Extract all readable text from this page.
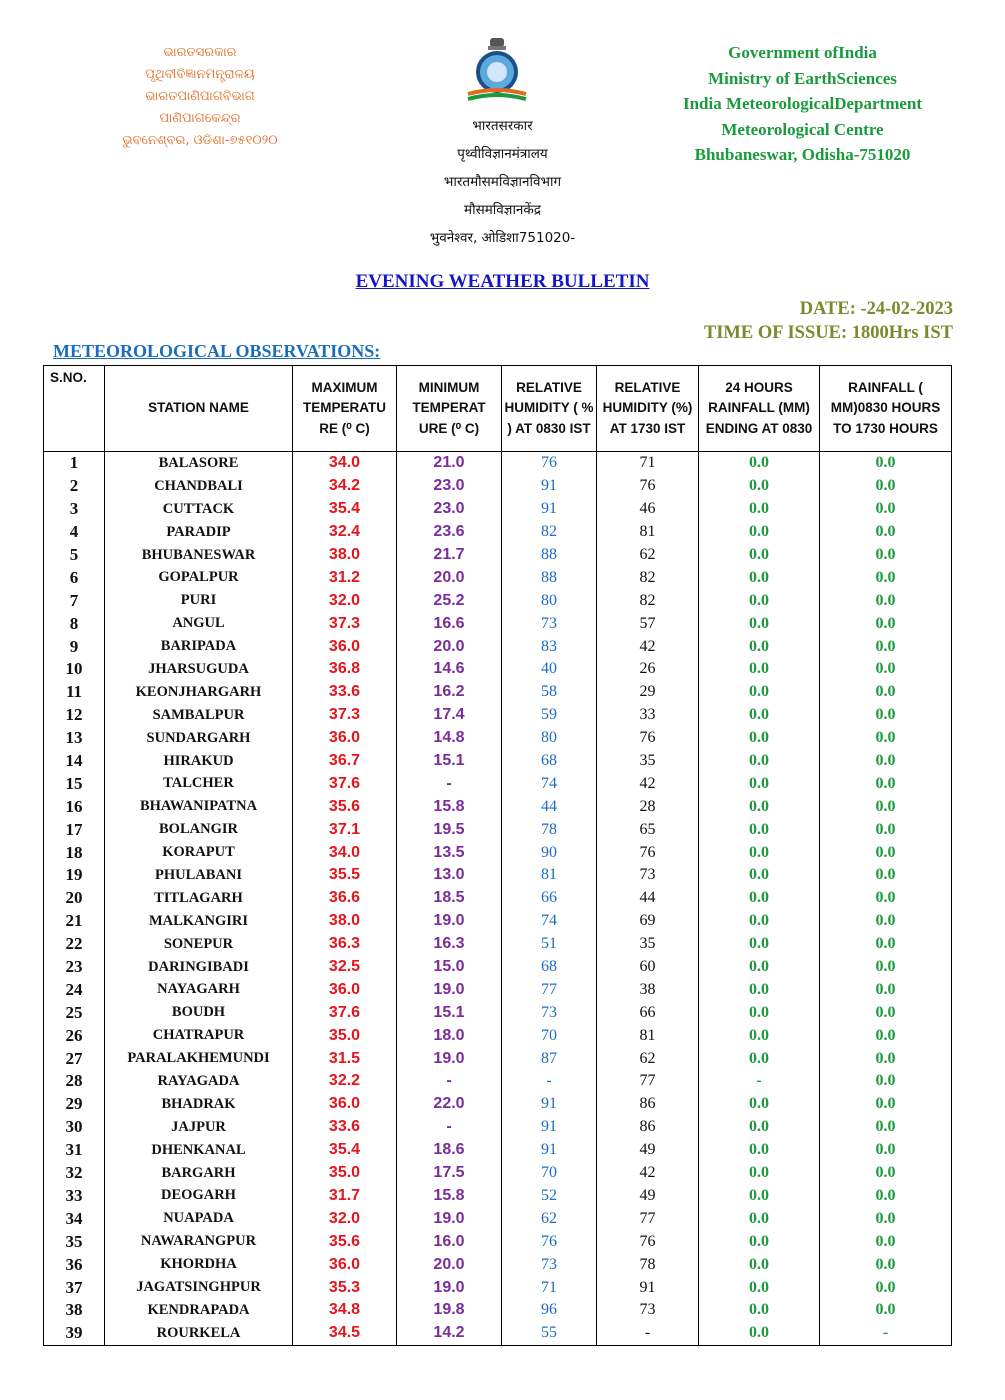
ଭାରତସରକାର
ପୃଥିବୀବିଜ୍ଞାନମନ୍ତ୍ରାଳୟ
ଭାରତପାଣିପାଗବିଭାଗ
ପାଣିପାଗକେନ୍ଦ୍ର
ଭୁବନେଶ୍ବର, ଓଡିଶା-୭୫୧୦୨୦
भारतसरकार
पृथ्वीविज्ञानमंत्रालय
भारतमौसमविज्ञानविभाग
मौसमविज्ञानकेंद्र
भुवनेश्वर, ओडिशा751020-
Government ofIndia
Ministry of EarthSciences
India MeteorologicalDepartment
Meteorological Centre
Bhubaneswar, Odisha-751020
EVENING WEATHER BULLETIN
DATE: -24-02-2023
TIME OF ISSUE: 1800Hrs IST
METEOROLOGICAL OBSERVATIONS:
S.NO.	STATION NAME	MAXIMUM TEMPERATU RE (⁰ C)	MINIMUM TEMPERAT URE (⁰ C)	RELATIVE HUMIDITY ( % ) AT 0830 IST	RELATIVE HUMIDITY (%) AT 1730 IST	24 HOURS RAINFALL (MM) ENDING AT 0830	RAINFALL ( MM)0830 HOURS TO 1730 HOURS
1	BALASORE	34.0	21.0	76	71	0.0	0.0
2	CHANDBALI	34.2	23.0	91	76	0.0	0.0
3	CUTTACK	35.4	23.0	91	46	0.0	0.0
4	PARADIP	32.4	23.6	82	81	0.0	0.0
5	BHUBANESWAR	38.0	21.7	88	62	0.0	0.0
6	GOPALPUR	31.2	20.0	88	82	0.0	0.0
7	PURI	32.0	25.2	80	82	0.0	0.0
8	ANGUL	37.3	16.6	73	57	0.0	0.0
9	BARIPADA	36.0	20.0	83	42	0.0	0.0
10	JHARSUGUDA	36.8	14.6	40	26	0.0	0.0
11	KEONJHARGARH	33.6	16.2	58	29	0.0	0.0
12	SAMBALPUR	37.3	17.4	59	33	0.0	0.0
13	SUNDARGARH	36.0	14.8	80	76	0.0	0.0
14	HIRAKUD	36.7	15.1	68	35	0.0	0.0
15	TALCHER	37.6	-	74	42	0.0	0.0
16	BHAWANIPATNA	35.6	15.8	44	28	0.0	0.0
17	BOLANGIR	37.1	19.5	78	65	0.0	0.0
18	KORAPUT	34.0	13.5	90	76	0.0	0.0
19	PHULABANI	35.5	13.0	81	73	0.0	0.0
20	TITLAGARH	36.6	18.5	66	44	0.0	0.0
21	MALKANGIRI	38.0	19.0	74	69	0.0	0.0
22	SONEPUR	36.3	16.3	51	35	0.0	0.0
23	DARINGIBADI	32.5	15.0	68	60	0.0	0.0
24	NAYAGARH	36.0	19.0	77	38	0.0	0.0
25	BOUDH	37.6	15.1	73	66	0.0	0.0
26	CHATRAPUR	35.0	18.0	70	81	0.0	0.0
27	PARALAKHEMUNDI	31.5	19.0	87	62	0.0	0.0
28	RAYAGADA	32.2	-	-	77	-	0.0
29	BHADRAK	36.0	22.0	91	86	0.0	0.0
30	JAJPUR	33.6	-	91	86	0.0	0.0
31	DHENKANAL	35.4	18.6	91	49	0.0	0.0
32	BARGARH	35.0	17.5	70	42	0.0	0.0
33	DEOGARH	31.7	15.8	52	49	0.0	0.0
34	NUAPADA	32.0	19.0	62	77	0.0	0.0
35	NAWARANGPUR	35.6	16.0	76	76	0.0	0.0
36	KHORDHA	36.0	20.0	73	78	0.0	0.0
37	JAGATSINGHPUR	35.3	19.0	71	91	0.0	0.0
38	KENDRAPADA	34.8	19.8	96	73	0.0	0.0
39	ROURKELA	34.5	14.2	55	-	0.0	-
